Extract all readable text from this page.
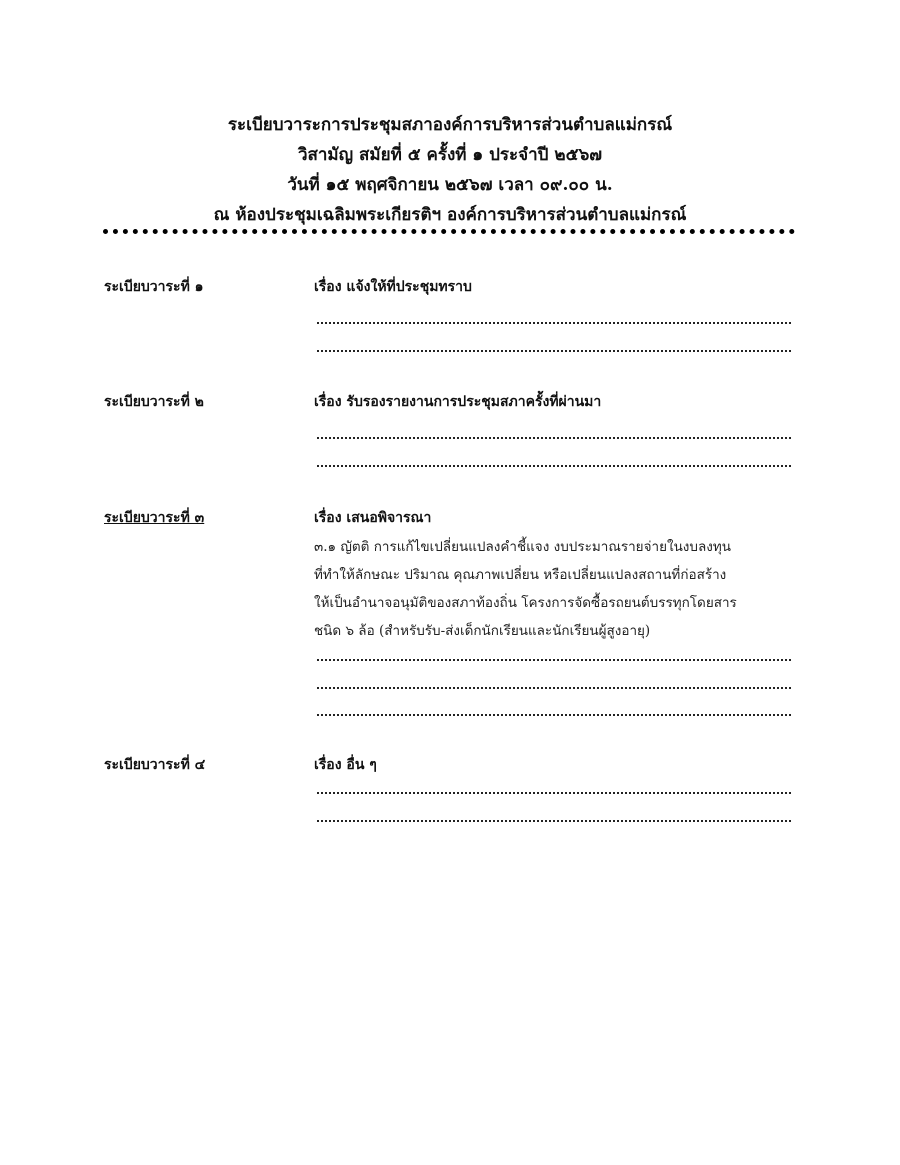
ระเบียบวาระการประชุมสภาองค์การบริหารส่วนตำบลแม่กรณ์
วิสามัญ สมัยที่ ๕ ครั้งที่ ๑ ประจำปี ๒๕๖๗
วันที่ ๑๕ พฤศจิกายน ๒๕๖๗ เวลา ๐๙.๐๐ น.
ณ ห้องประชุมเฉลิมพระเกียรติฯ องค์การบริหารส่วนตำบลแม่กรณ์
ระเบียบวาระที่ ๑	เรื่อง แจ้งให้ที่ประชุมทราบ
ระเบียบวาระที่ ๒	เรื่อง รับรองรายงานการประชุมสภาครั้งที่ผ่านมา
ระเบียบวาระที่ ๓	เรื่อง เสนอพิจารณา
๓.๑ ญัตติ การแก้ไขเปลี่ยนแปลงคำชี้แจง งบประมาณรายจ่ายในงบลงทุน
ที่ทำให้ลักษณะ ปริมาณ คุณภาพเปลี่ยน หรือเปลี่ยนแปลงสถานที่ก่อสร้าง
ให้เป็นอำนาจอนุมัติของสภาท้องถิ่น โครงการจัดซื้อรถยนต์บรรทุกโดยสาร
ชนิด ๖ ล้อ (สำหรับรับ-ส่งเด็กนักเรียนและนักเรียนผู้สูงอายุ)
ระเบียบวาระที่ ๔	เรื่อง อื่น ๆ
